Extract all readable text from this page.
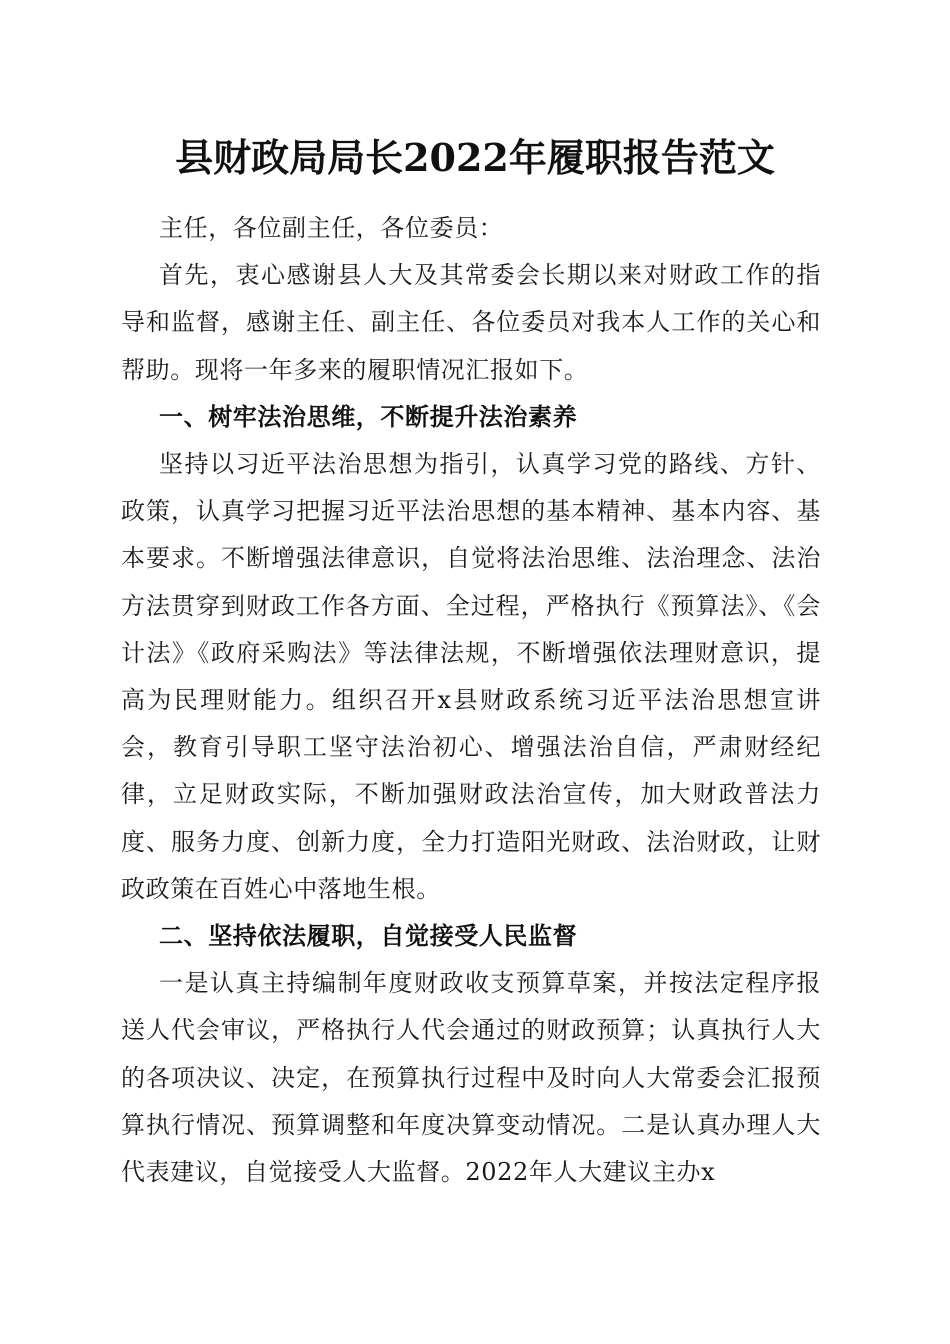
县财政局局长2022年履职报告范文

主任，各位副主任，各位委员：

首先，衷心感谢县人大及其常委会长期以来对财政工作的指导和监督，感谢主任、副主任、各位委员对我本人工作的关心和帮助。现将一年多来的履职情况汇报如下。

一、树牢法治思维，不断提升法治素养

坚持以习近平法治思想为指引，认真学习党的路线、方针、政策，认真学习把握习近平法治思想的基本精神、基本内容、基本要求。不断增强法律意识，自觉将法治思维、法治理念、法治方法贯穿到财政工作各方面、全过程，严格执行《预算法》、《会计法》《政府采购法》等法律法规，不断增强依法理财意识，提高为民理财能力。组织召开x县财政系统习近平法治思想宣讲会，教育引导职工坚守法治初心、增强法治自信，严肃财经纪律，立足财政实际，不断加强财政法治宣传，加大财政普法力度、服务力度、创新力度，全力打造阳光财政、法治财政，让财政政策在百姓心中落地生根。

二、坚持依法履职，自觉接受人民监督

一是认真主持编制年度财政收支预算草案，并按法定程序报送人代会审议，严格执行人代会通过的财政预算；认真执行人大的各项决议、决定，在预算执行过程中及时向人大常委会汇报预算执行情况、预算调整和年度决算变动情况。二是认真办理人大代表建议，自觉接受人大监督。2022年人大建议主办x
